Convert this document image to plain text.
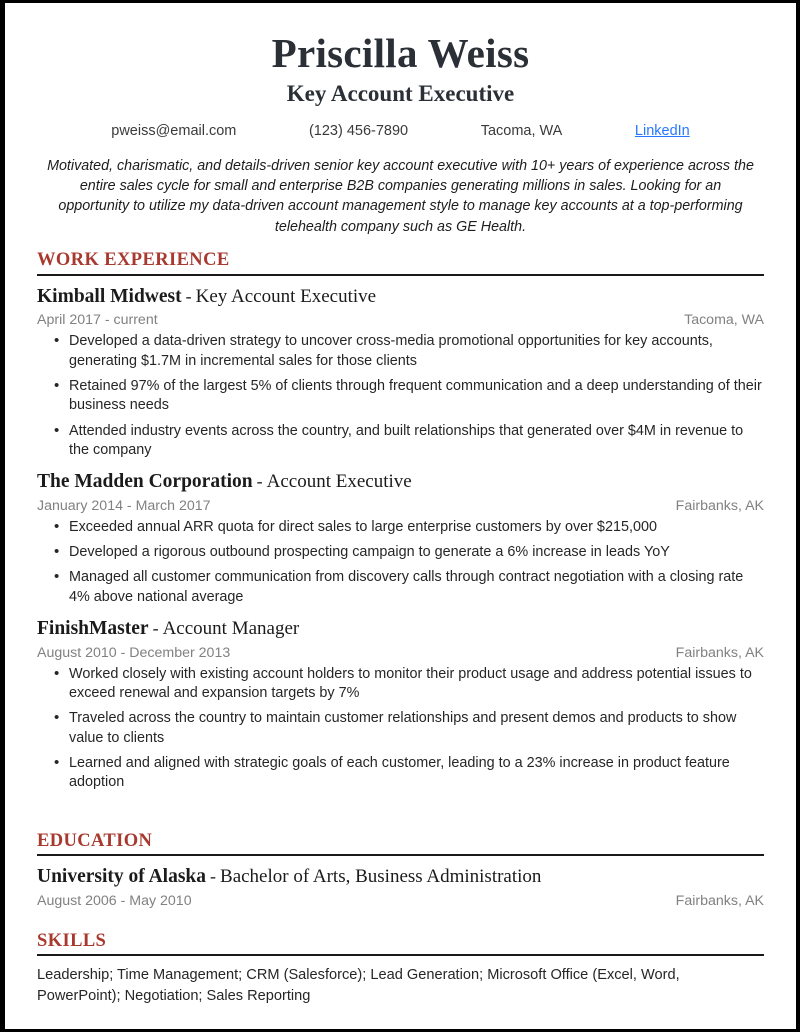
Priscilla Weiss
Key Account Executive
pweiss@email.com	(123) 456-7890	Tacoma, WA	LinkedIn
Motivated, charismatic, and details-driven senior key account executive with 10+ years of experience across the entire sales cycle for small and enterprise B2B companies generating millions in sales. Looking for an opportunity to utilize my data-driven account management style to manage key accounts at a top-performing telehealth company such as GE Health.
WORK EXPERIENCE
Kimball Midwest - Key Account Executive
April 2017 - current	Tacoma, WA
• Developed a data-driven strategy to uncover cross-media promotional opportunities for key accounts, generating $1.7M in incremental sales for those clients
• Retained 97% of the largest 5% of clients through frequent communication and a deep understanding of their business needs
• Attended industry events across the country, and built relationships that generated over $4M in revenue to the company
The Madden Corporation - Account Executive
January 2014 - March 2017	Fairbanks, AK
• Exceeded annual ARR quota for direct sales to large enterprise customers by over $215,000
• Developed a rigorous outbound prospecting campaign to generate a 6% increase in leads YoY
• Managed all customer communication from discovery calls through contract negotiation with a closing rate 4% above national average
FinishMaster - Account Manager
August 2010 - December 2013	Fairbanks, AK
• Worked closely with existing account holders to monitor their product usage and address potential issues to exceed renewal and expansion targets by 7%
• Traveled across the country to maintain customer relationships and present demos and products to show value to clients
• Learned and aligned with strategic goals of each customer, leading to a 23% increase in product feature adoption
EDUCATION
University of Alaska - Bachelor of Arts, Business Administration
August 2006 - May 2010	Fairbanks, AK
SKILLS
Leadership; Time Management; CRM (Salesforce); Lead Generation; Microsoft Office (Excel, Word, PowerPoint); Negotiation; Sales Reporting
